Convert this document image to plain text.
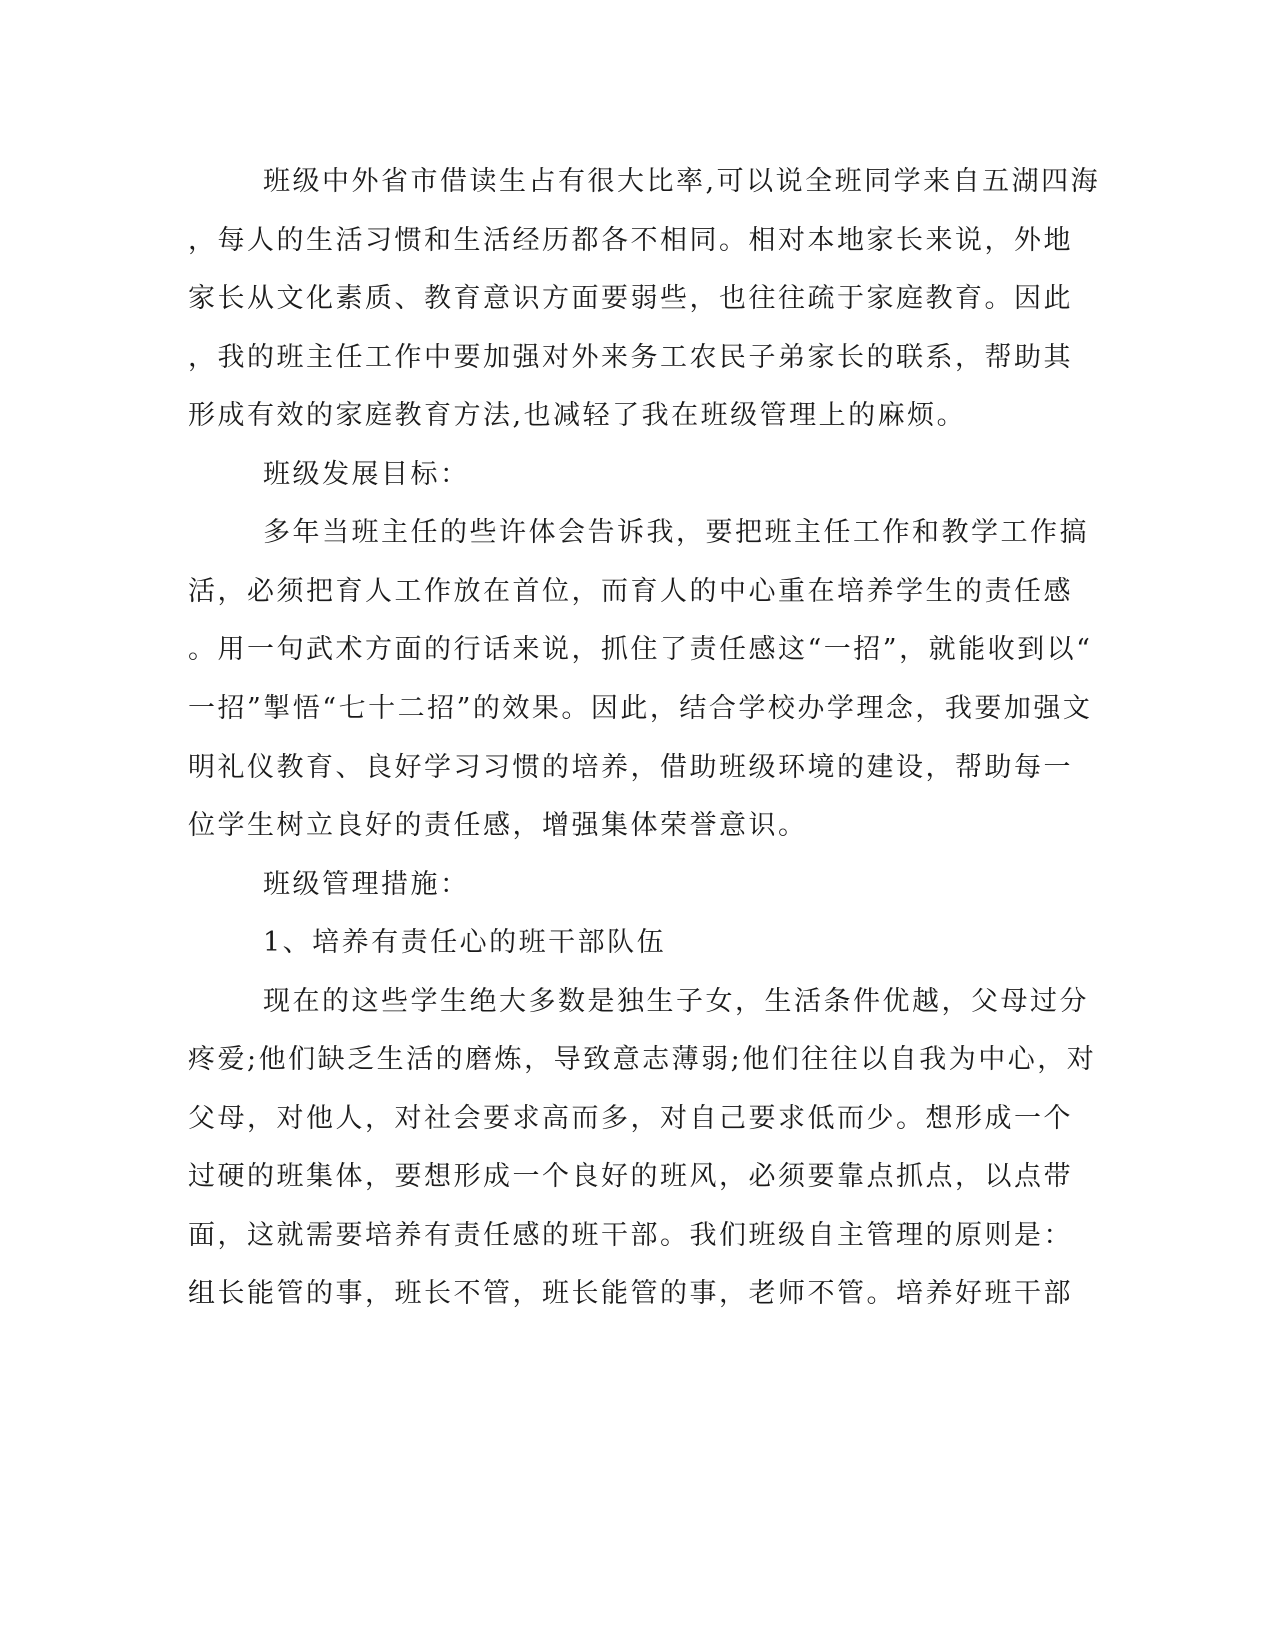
班级中外省市借读生占有很大比率,可以说全班同学来自五湖四海
，每人的生活习惯和生活经历都各不相同。相对本地家长来说，外地
家长从文化素质、教育意识方面要弱些，也往往疏于家庭教育。因此
，我的班主任工作中要加强对外来务工农民子弟家长的联系，帮助其
形成有效的家庭教育方法,也减轻了我在班级管理上的麻烦。
班级发展目标：
多年当班主任的些许体会告诉我，要把班主任工作和教学工作搞
活，必须把育人工作放在首位，而育人的中心重在培养学生的责任感
。用一句武术方面的行话来说，抓住了责任感这“一招”，就能收到以“
一招”掣悟“七十二招”的效果。因此，结合学校办学理念，我要加强文
明礼仪教育、良好学习习惯的培养，借助班级环境的建设，帮助每一
位学生树立良好的责任感，增强集体荣誉意识。
班级管理措施：
1、培养有责任心的班干部队伍
现在的这些学生绝大多数是独生子女，生活条件优越，父母过分
疼爱;他们缺乏生活的磨炼，导致意志薄弱;他们往往以自我为中心，对
父母，对他人，对社会要求高而多，对自己要求低而少。想形成一个
过硬的班集体，要想形成一个良好的班风，必须要靠点抓点，以点带
面，这就需要培养有责任感的班干部。我们班级自主管理的原则是：
组长能管的事，班长不管，班长能管的事，老师不管。培养好班干部
